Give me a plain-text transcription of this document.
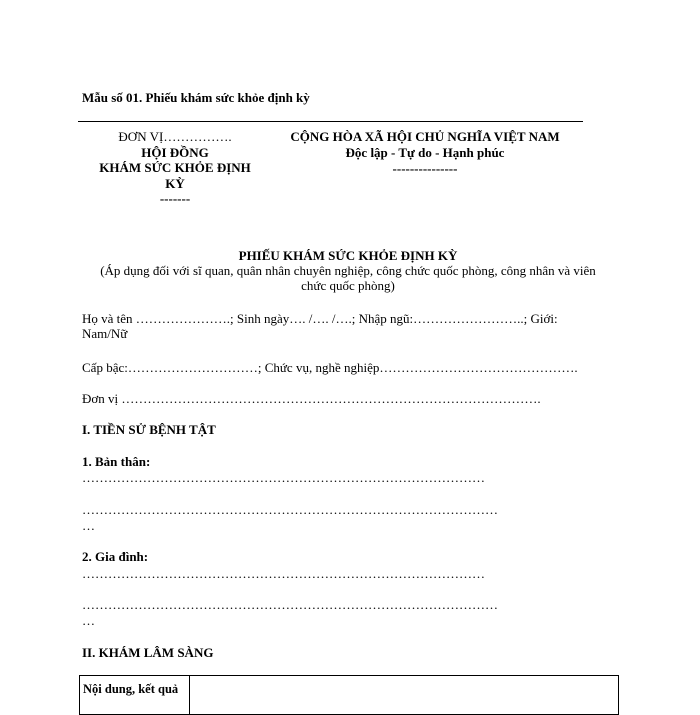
Mẫu số 01. Phiếu khám sức khỏe định kỳ
ĐƠN VỊ…………….
HỘI ĐỒNG
KHÁM SỨC KHỎE ĐỊNH
KỲ
-------
CỘNG HÒA XÃ HỘI CHỦ NGHĨA VIỆT NAM
Độc lập - Tự do - Hạnh phúc
---------------
PHIẾU KHÁM SỨC KHỎE ĐỊNH KỲ
(Áp dụng đối với sĩ quan, quân nhân chuyên nghiệp, công chức quốc phòng, công nhân và viên
chức quốc phòng)
Họ và tên ………………….; Sinh ngày…. /…. /….; Nhập ngũ:……………………..; Giới: Nam/Nữ
Cấp bậc:…………………………; Chức vụ, nghề nghiệp……………………………………….
Đơn vị …………………………………………………………………………………….
I. TIỀN SỬ BỆNH TẬT
1. Bản thân:
…………………………………………………………………………………
……………………………………………………………………………………
…
2. Gia đình:
…………………………………………………………………………………
……………………………………………………………………………………
…
II. KHÁM LÂM SÀNG
Nội dung, kết quả	
